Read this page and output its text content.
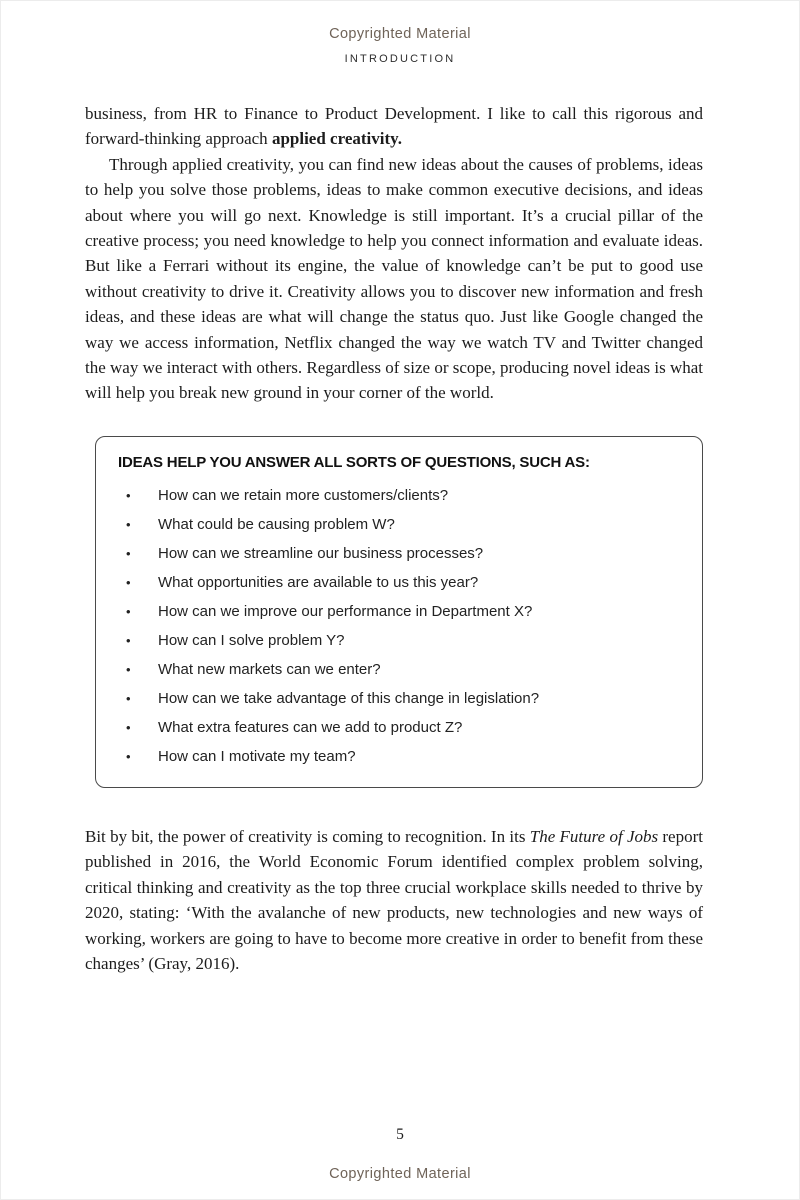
Copyrighted Material
INTRODUCTION

business, from HR to Finance to Product Development. I like to call this rigorous and forward-thinking approach applied creativity.

Through applied creativity, you can find new ideas about the causes of problems, ideas to help you solve those problems, ideas to make common executive decisions, and ideas about where you will go next. Knowledge is still important. It’s a crucial pillar of the creative process; you need knowledge to help you connect information and evaluate ideas. But like a Ferrari without its engine, the value of knowledge can’t be put to good use without creativity to drive it. Creativity allows you to discover new information and fresh ideas, and these ideas are what will change the status quo. Just like Google changed the way we access information, Netflix changed the way we watch TV and Twitter changed the way we interact with others. Regardless of size or scope, producing novel ideas is what will help you break new ground in your corner of the world.

IDEAS HELP YOU ANSWER ALL SORTS OF QUESTIONS, SUCH AS:
•	How can we retain more customers/clients?
•	What could be causing problem W?
•	How can we streamline our business processes?
•	What opportunities are available to us this year?
•	How can we improve our performance in Department X?
•	How can I solve problem Y?
•	What new markets can we enter?
•	How can we take advantage of this change in legislation?
•	What extra features can we add to product Z?
•	How can I motivate my team?

Bit by bit, the power of creativity is coming to recognition. In its The Future of Jobs report published in 2016, the World Economic Forum identified complex problem solving, critical thinking and creativity as the top three crucial workplace skills needed to thrive by 2020, stating: ‘With the avalanche of new products, new technologies and new ways of working, workers are going to have to become more creative in order to benefit from these changes’ (Gray, 2016).

5
Copyrighted Material
